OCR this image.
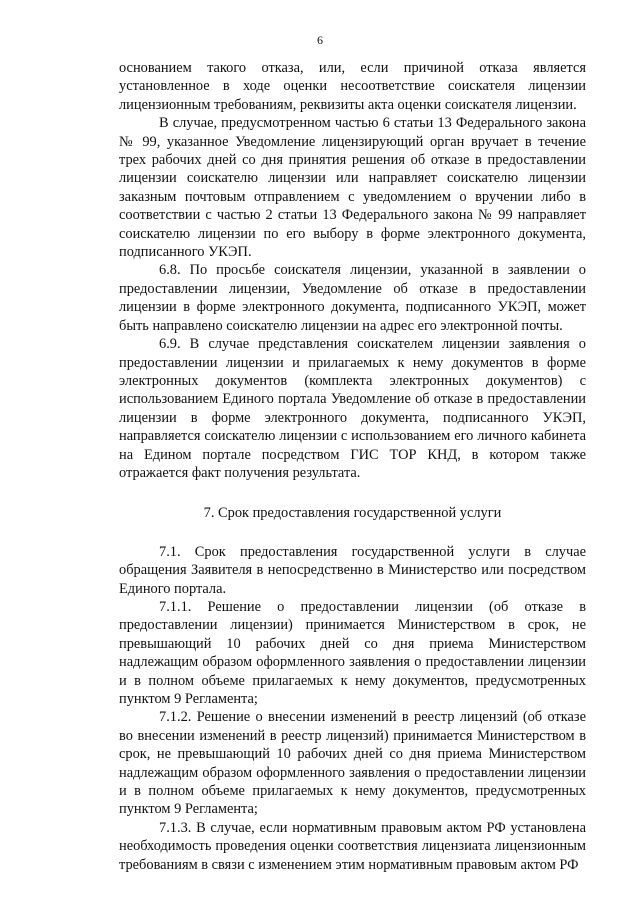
6

основанием такого отказа, или, если причиной отказа является установленное в ходе оценки несоответствие соискателя лицензии лицензионным требованиям, реквизиты акта оценки соискателя лицензии.

В случае, предусмотренном частью 6 статьи 13 Федерального закона № 99, указанное Уведомление лицензирующий орган вручает в течение трех рабочих дней со дня принятия решения об отказе в предоставлении лицензии соискателю лицензии или направляет соискателю лицензии заказным почтовым отправлением с уведомлением о вручении либо в соответствии с частью 2 статьи 13 Федерального закона № 99 направляет соискателю лицензии по его выбору в форме электронного документа, подписанного УКЭП.

6.8. По просьбе соискателя лицензии, указанной в заявлении о предоставлении лицензии, Уведомление об отказе в предоставлении лицензии в форме электронного документа, подписанного УКЭП, может быть направлено соискателю лицензии на адрес его электронной почты.

6.9. В случае представления соискателем лицензии заявления о предоставлении лицензии и прилагаемых к нему документов в форме электронных документов (комплекта электронных документов) с использованием Единого портала Уведомление об отказе в предоставлении лицензии в форме электронного документа, подписанного УКЭП, направляется соискателю лицензии с использованием его личного кабинета на Едином портале посредством ГИС ТОР КНД, в котором также отражается факт получения результата.

7. Срок предоставления государственной услуги

7.1. Срок предоставления государственной услуги в случае обращения Заявителя в непосредственно в Министерство или посредством Единого портала.

7.1.1. Решение о предоставлении лицензии (об отказе в предоставлении лицензии) принимается Министерством в срок, не превышающий 10 рабочих дней со дня приема Министерством надлежащим образом оформленного заявления о предоставлении лицензии и в полном объеме прилагаемых к нему документов, предусмотренных пунктом 9 Регламента;

7.1.2. Решение о внесении изменений в реестр лицензий (об отказе во внесении изменений в реестр лицензий) принимается Министерством в срок, не превышающий 10 рабочих дней со дня приема Министерством надлежащим образом оформленного заявления о предоставлении лицензии и в полном объеме прилагаемых к нему документов, предусмотренных пунктом 9 Регламента;

7.1.3. В случае, если нормативным правовым актом РФ установлена необходимость проведения оценки соответствия лицензиата лицензионным требованиям в связи с изменением этим нормативным правовым актом РФ
